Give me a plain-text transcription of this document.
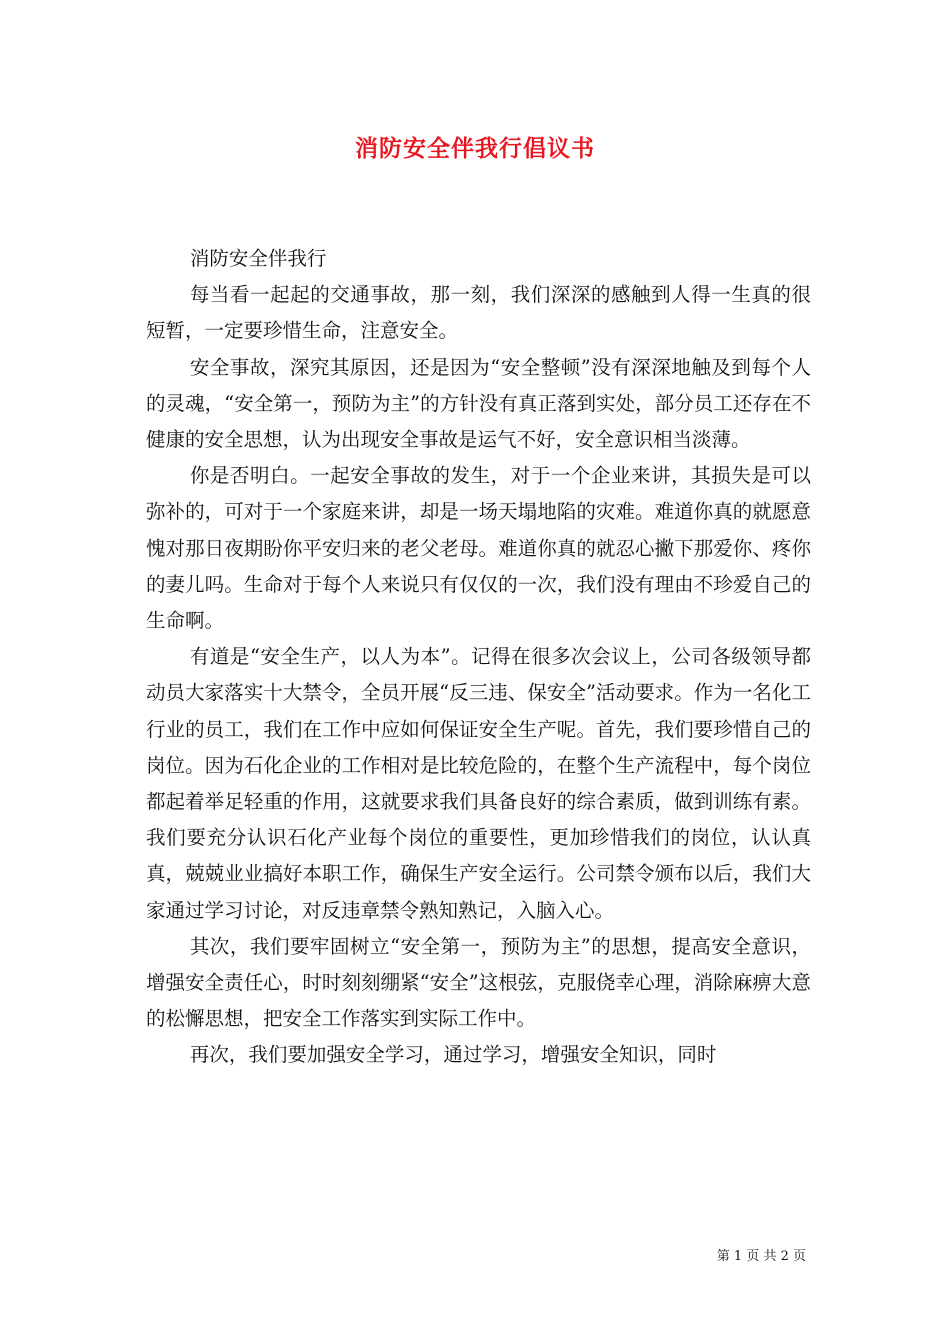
消防安全伴我行倡议书

消防安全伴我行

每当看一起起的交通事故，那一刻，我们深深的感触到人得一生真的很短暂，一定要珍惜生命，注意安全。

安全事故，深究其原因，还是因为“安全整顿”没有深深地触及到每个人的灵魂，“安全第一，预防为主”的方针没有真正落到实处，部分员工还存在不健康的安全思想，认为出现安全事故是运气不好，安全意识相当淡薄。

你是否明白。一起安全事故的发生，对于一个企业来讲，其损失是可以弥补的，可对于一个家庭来讲，却是一场天塌地陷的灾难。难道你真的就愿意愧对那日夜期盼你平安归来的老父老母。难道你真的就忍心撇下那爱你、疼你的妻儿吗。生命对于每个人来说只有仅仅的一次，我们没有理由不珍爱自己的生命啊。

有道是“安全生产，以人为本”。记得在很多次会议上，公司各级领导都动员大家落实十大禁令，全员开展“反三违、保安全”活动要求。作为一名化工行业的员工，我们在工作中应如何保证安全生产呢。首先，我们要珍惜自己的岗位。因为石化企业的工作相对是比较危险的，在整个生产流程中，每个岗位都起着举足轻重的作用，这就要求我们具备良好的综合素质，做到训练有素。我们要充分认识石化产业每个岗位的重要性，更加珍惜我们的岗位，认认真真，兢兢业业搞好本职工作，确保生产安全运行。公司禁令颁布以后，我们大家通过学习讨论，对反违章禁令熟知熟记，入脑入心。

其次，我们要牢固树立“安全第一，预防为主”的思想，提高安全意识，增强安全责任心，时时刻刻绷紧“安全”这根弦，克服侥幸心理，消除麻痹大意的松懈思想，把安全工作落实到实际工作中。

再次，我们要加强安全学习，通过学习，增强安全知识，同时

第 1 页 共 2 页
